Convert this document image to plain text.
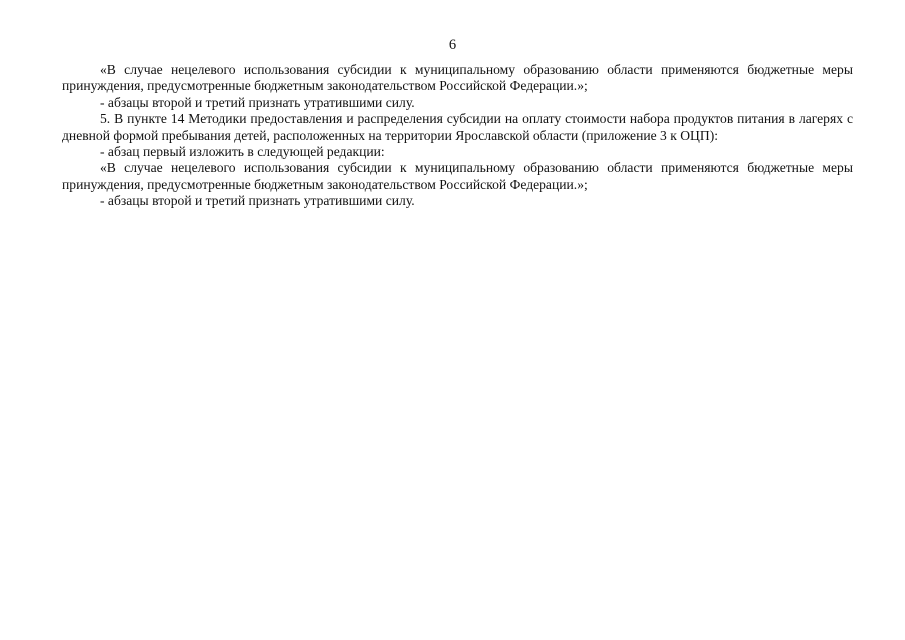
6

«В случае нецелевого использования субсидии к муниципальному образованию области применяются бюджетные меры принуждения, предусмотренные бюджетным законодательством Российской Федерации.»;

- абзацы второй и третий признать утратившими силу.

5. В пункте 14 Методики предоставления и распределения субсидии на оплату стоимости набора продуктов питания в лагерях с дневной формой пребывания детей, расположенных на территории Ярославской области (приложение 3 к ОЦП):

- абзац первый изложить в следующей редакции:

«В случае нецелевого использования субсидии к муниципальному образованию области применяются бюджетные меры принуждения, предусмотренные бюджетным законодательством Российской Федерации.»;

- абзацы второй и третий признать утратившими силу.
